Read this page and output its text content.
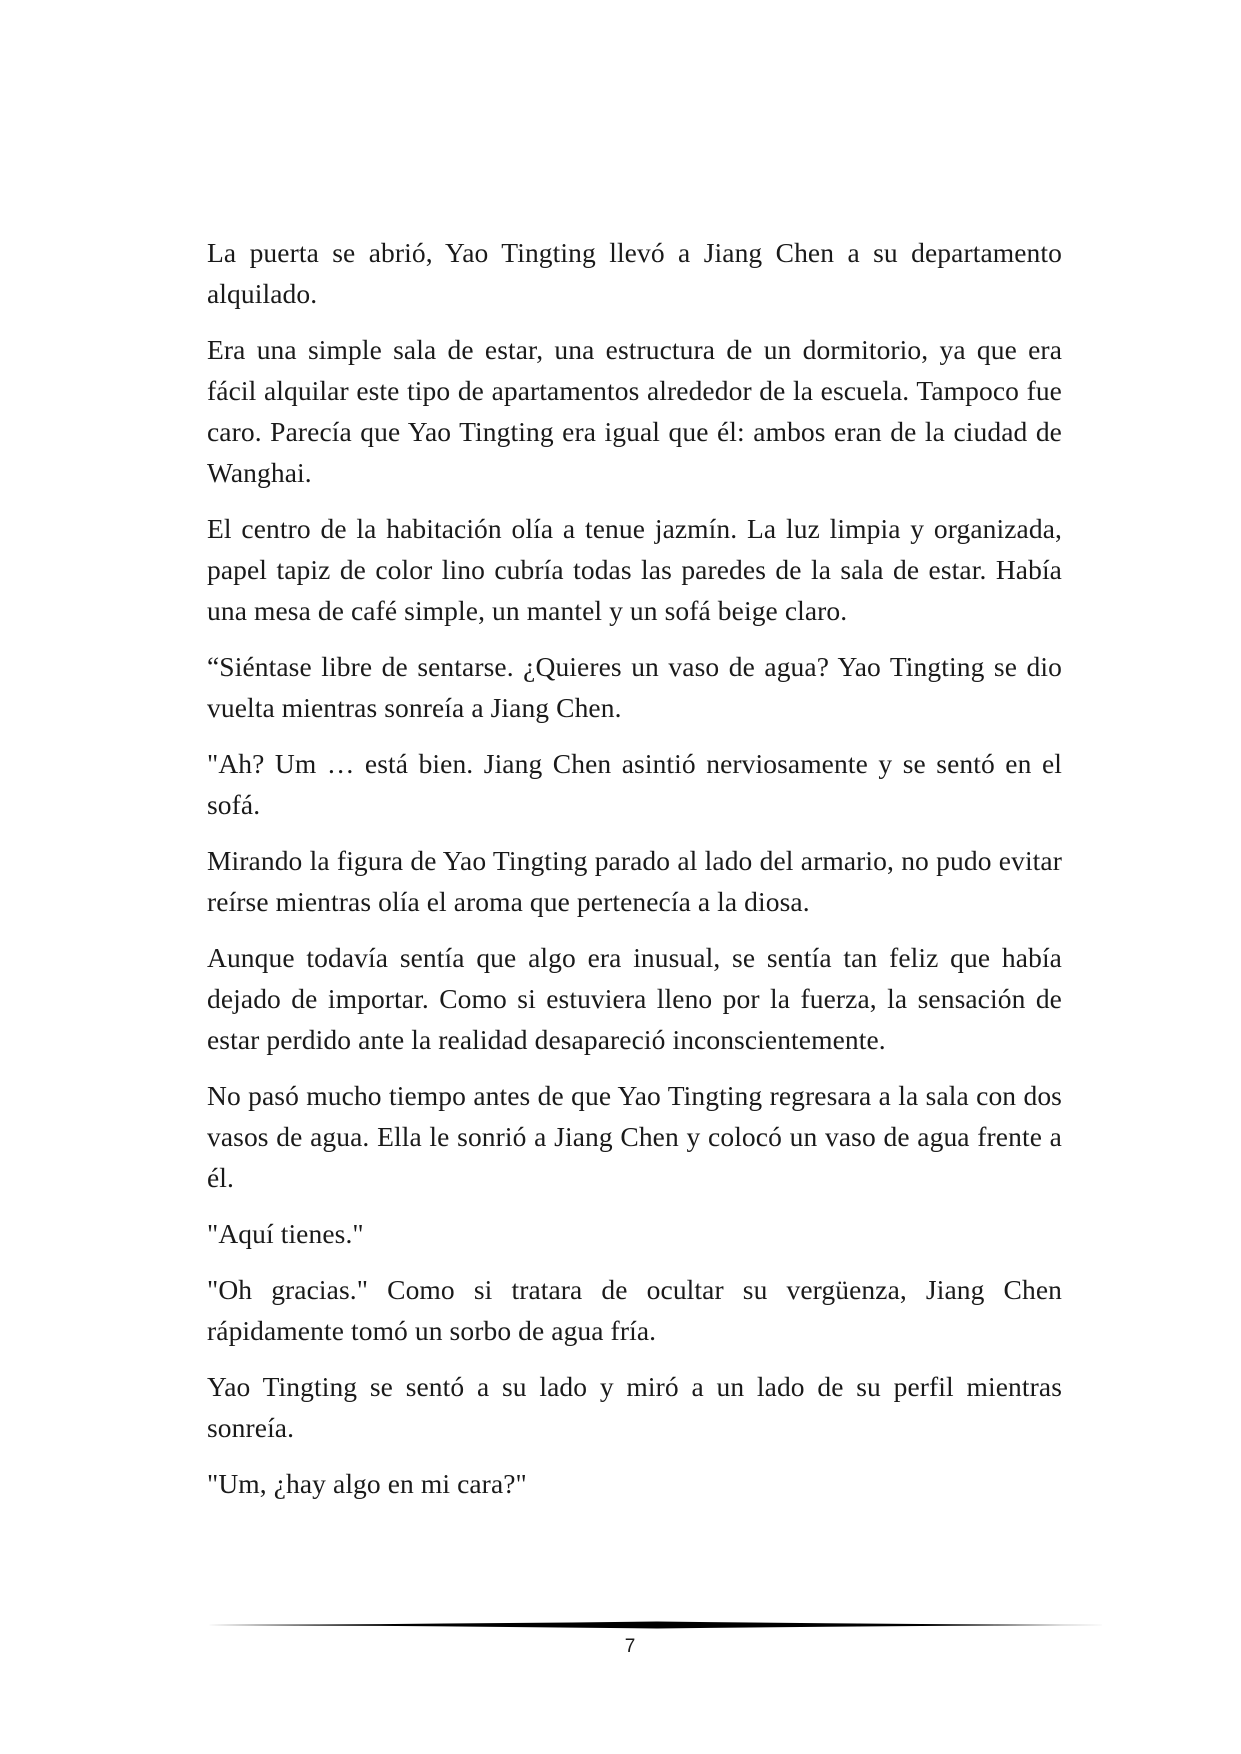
La puerta se abrió, Yao Tingting llevó a Jiang Chen a su departamento alquilado.

Era una simple sala de estar, una estructura de un dormitorio, ya que era fácil alquilar este tipo de apartamentos alrededor de la escuela. Tampoco fue caro. Parecía que Yao Tingting era igual que él: ambos eran de la ciudad de Wanghai.

El centro de la habitación olía a tenue jazmín. La luz limpia y organizada, papel tapiz de color lino cubría todas las paredes de la sala de estar. Había una mesa de café simple, un mantel y un sofá beige claro.

“Siéntase libre de sentarse. ¿Quieres un vaso de agua? Yao Tingting se dio vuelta mientras sonreía a Jiang Chen.

"Ah? Um … está bien. Jiang Chen asintió nerviosamente y se sentó en el sofá.

Mirando la figura de Yao Tingting parado al lado del armario, no pudo evitar reírse mientras olía el aroma que pertenecía a la diosa.

Aunque todavía sentía que algo era inusual, se sentía tan feliz que había dejado de importar. Como si estuviera lleno por la fuerza, la sensación de estar perdido ante la realidad desapareció inconscientemente.

No pasó mucho tiempo antes de que Yao Tingting regresara a la sala con dos vasos de agua. Ella le sonrió a Jiang Chen y colocó un vaso de agua frente a él.

"Aquí tienes."

"Oh gracias." Como si tratara de ocultar su vergüenza, Jiang Chen rápidamente tomó un sorbo de agua fría.

Yao Tingting se sentó a su lado y miró a un lado de su perfil mientras sonreía.

"Um, ¿hay algo en mi cara?"

7
